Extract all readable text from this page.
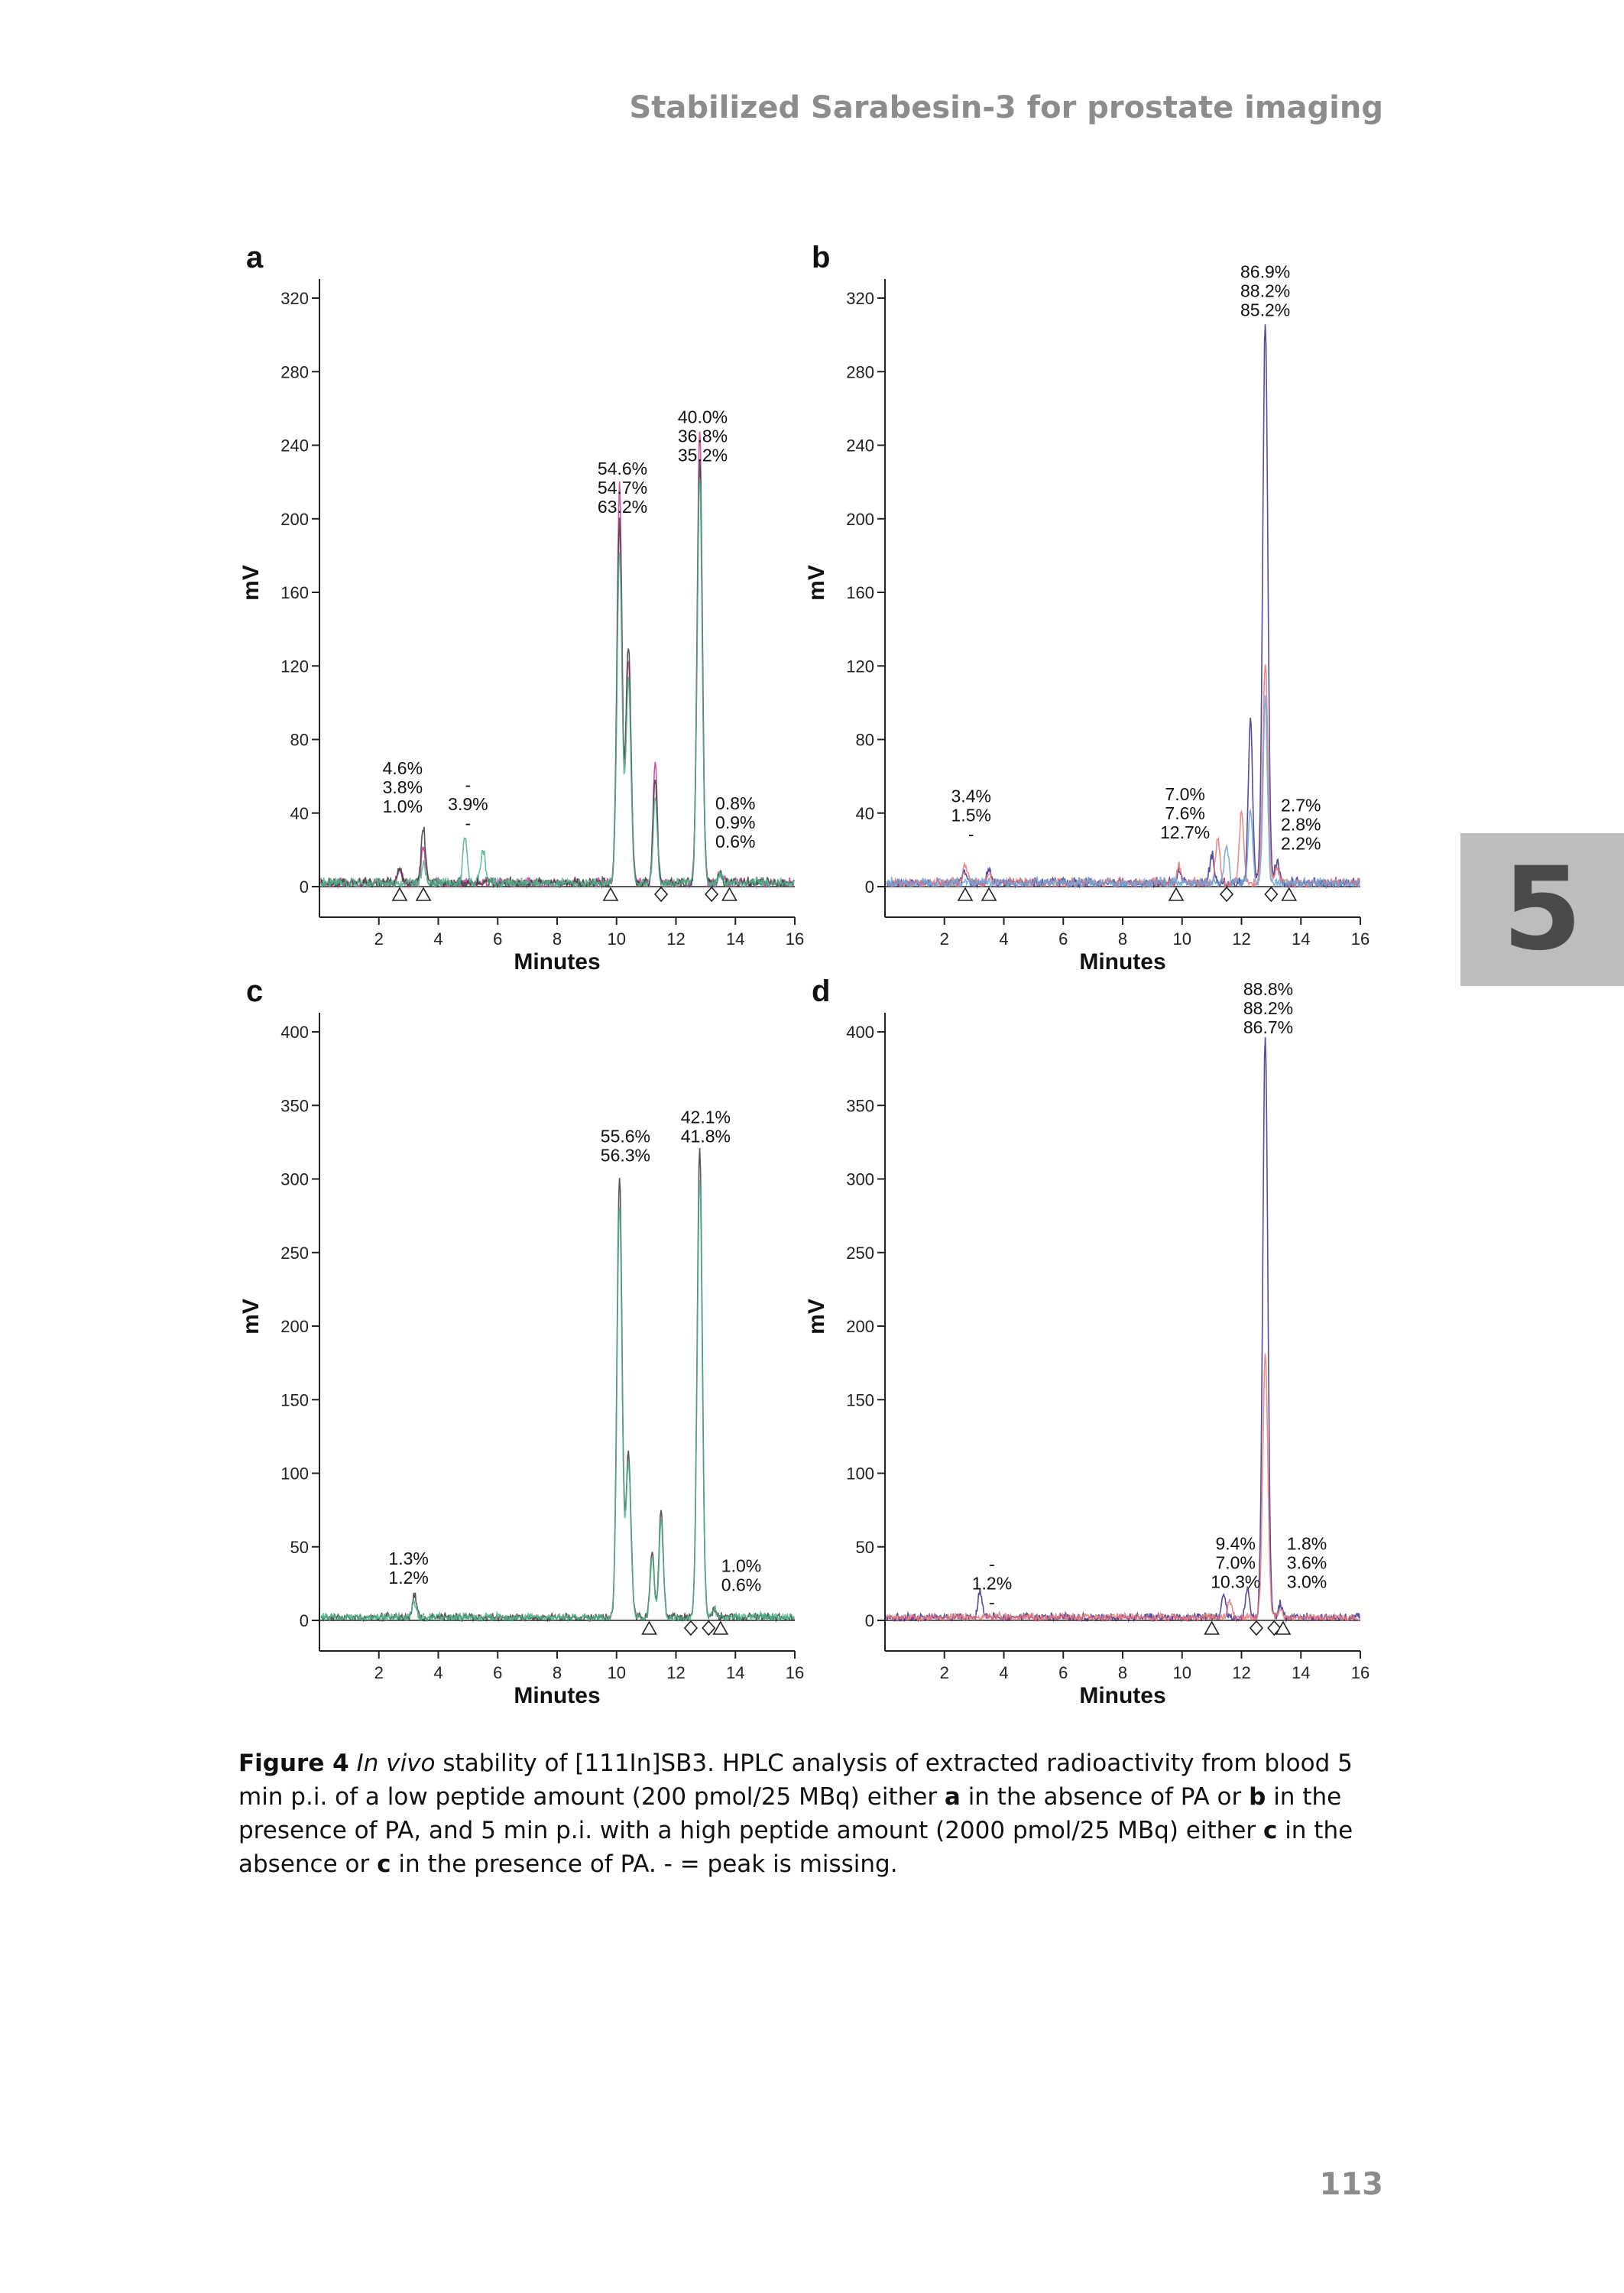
Stabilized Sarabesin-3 for prostate imaging
a
0
40
80
120
160
200
240
280
320
2	4	6	8	10 12 14 16
Minutes
mV
4.6%
3.8%
1.0%
-
3.9%
-
54.6%
54.7%
63.2%
40.0%
36.8%
35.2%
0.8%
0.9%
0.6%
b
0
40
80
120
160
200
240
280
320
2	4	6	8	10 12 14 16
Minutes
mV
3.4%
1.5%
-
7.0%
7.6%
12.7%
2.7%
2.8%
2.2%
86.9%
88.2%
85.2%
c
0
50
100
150
200
250
300
350
400
2	4	6	8	10 12 14 16
Minutes
mV
1.3%
1.2%
55.6%
56.3%
42.1%
41.8%
1.0%
0.6%
d
0
50
100
150
200
250
300
350
400
2	4	6	8	10 12 14 16
Minutes
mV
-
1.2%
-
9.4%
7.0%
10.3%
1.8%
3.6%
3.0%
88.8%
88.2%
86.7%
5
Figure 4 In vivo stability of [111In]SB3. HPLC analysis of extracted radioactivity from blood 5 min p.i. of a low peptide amount (200 pmol/25 MBq) either a in the absence of PA or b in the presence of PA, and 5 min p.i. with a high peptide amount (2000 pmol/25 MBq) either c in the absence or c in the presence of PA. - = peak is missing.
113
